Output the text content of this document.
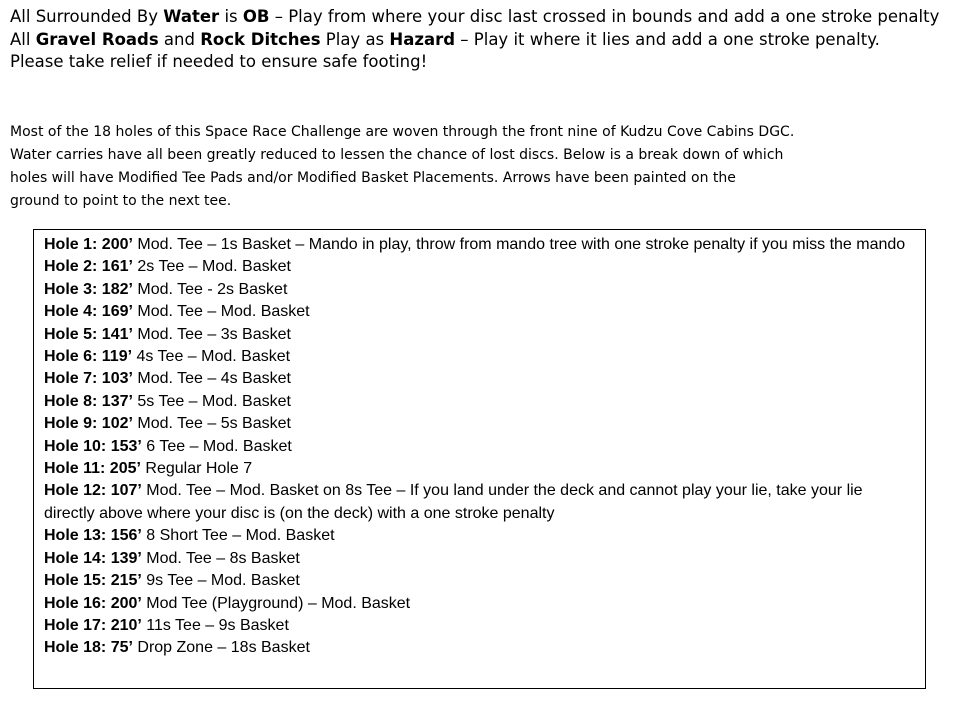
All Surrounded By Water is OB – Play from where your disc last crossed in bounds and add a one stroke penalty

All Gravel Roads and Rock Ditches Play as Hazard – Play it where it lies and add a one stroke penalty.

Please take relief if needed to ensure safe footing!

Most of the 18 holes of this Space Race Challenge are woven through the front nine of Kudzu Cove Cabins DGC.
Water carries have all been greatly reduced to lessen the chance of lost discs. Below is a break down of which
holes will have Modified Tee Pads and/or Modified Basket Placements. Arrows have been painted on the
ground to point to the next tee.

Hole 1: 200’ Mod. Tee – 1s Basket – Mando in play, throw from mando tree with one stroke penalty if you miss the mando

Hole 2: 161’ 2s Tee – Mod. Basket

Hole 3: 182’ Mod. Tee - 2s Basket

Hole 4: 169’ Mod. Tee – Mod. Basket

Hole 5: 141’ Mod. Tee – 3s Basket

Hole 6: 119’ 4s Tee – Mod. Basket

Hole 7: 103’ Mod. Tee – 4s Basket

Hole 8: 137’ 5s Tee – Mod. Basket

Hole 9: 102’ Mod. Tee – 5s Basket

Hole 10: 153’ 6 Tee – Mod. Basket

Hole 11: 205’ Regular Hole 7

Hole 12: 107’ Mod. Tee – Mod. Basket on 8s Tee – If you land under the deck and cannot play your lie, take your lie directly above where your disc is (on the deck) with a one stroke penalty

Hole 13: 156’ 8 Short Tee – Mod. Basket

Hole 14: 139’ Mod. Tee – 8s Basket

Hole 15: 215’ 9s Tee – Mod. Basket

Hole 16: 200’ Mod Tee (Playground) – Mod. Basket

Hole 17: 210’ 11s Tee – 9s Basket

Hole 18: 75’ Drop Zone – 18s Basket
